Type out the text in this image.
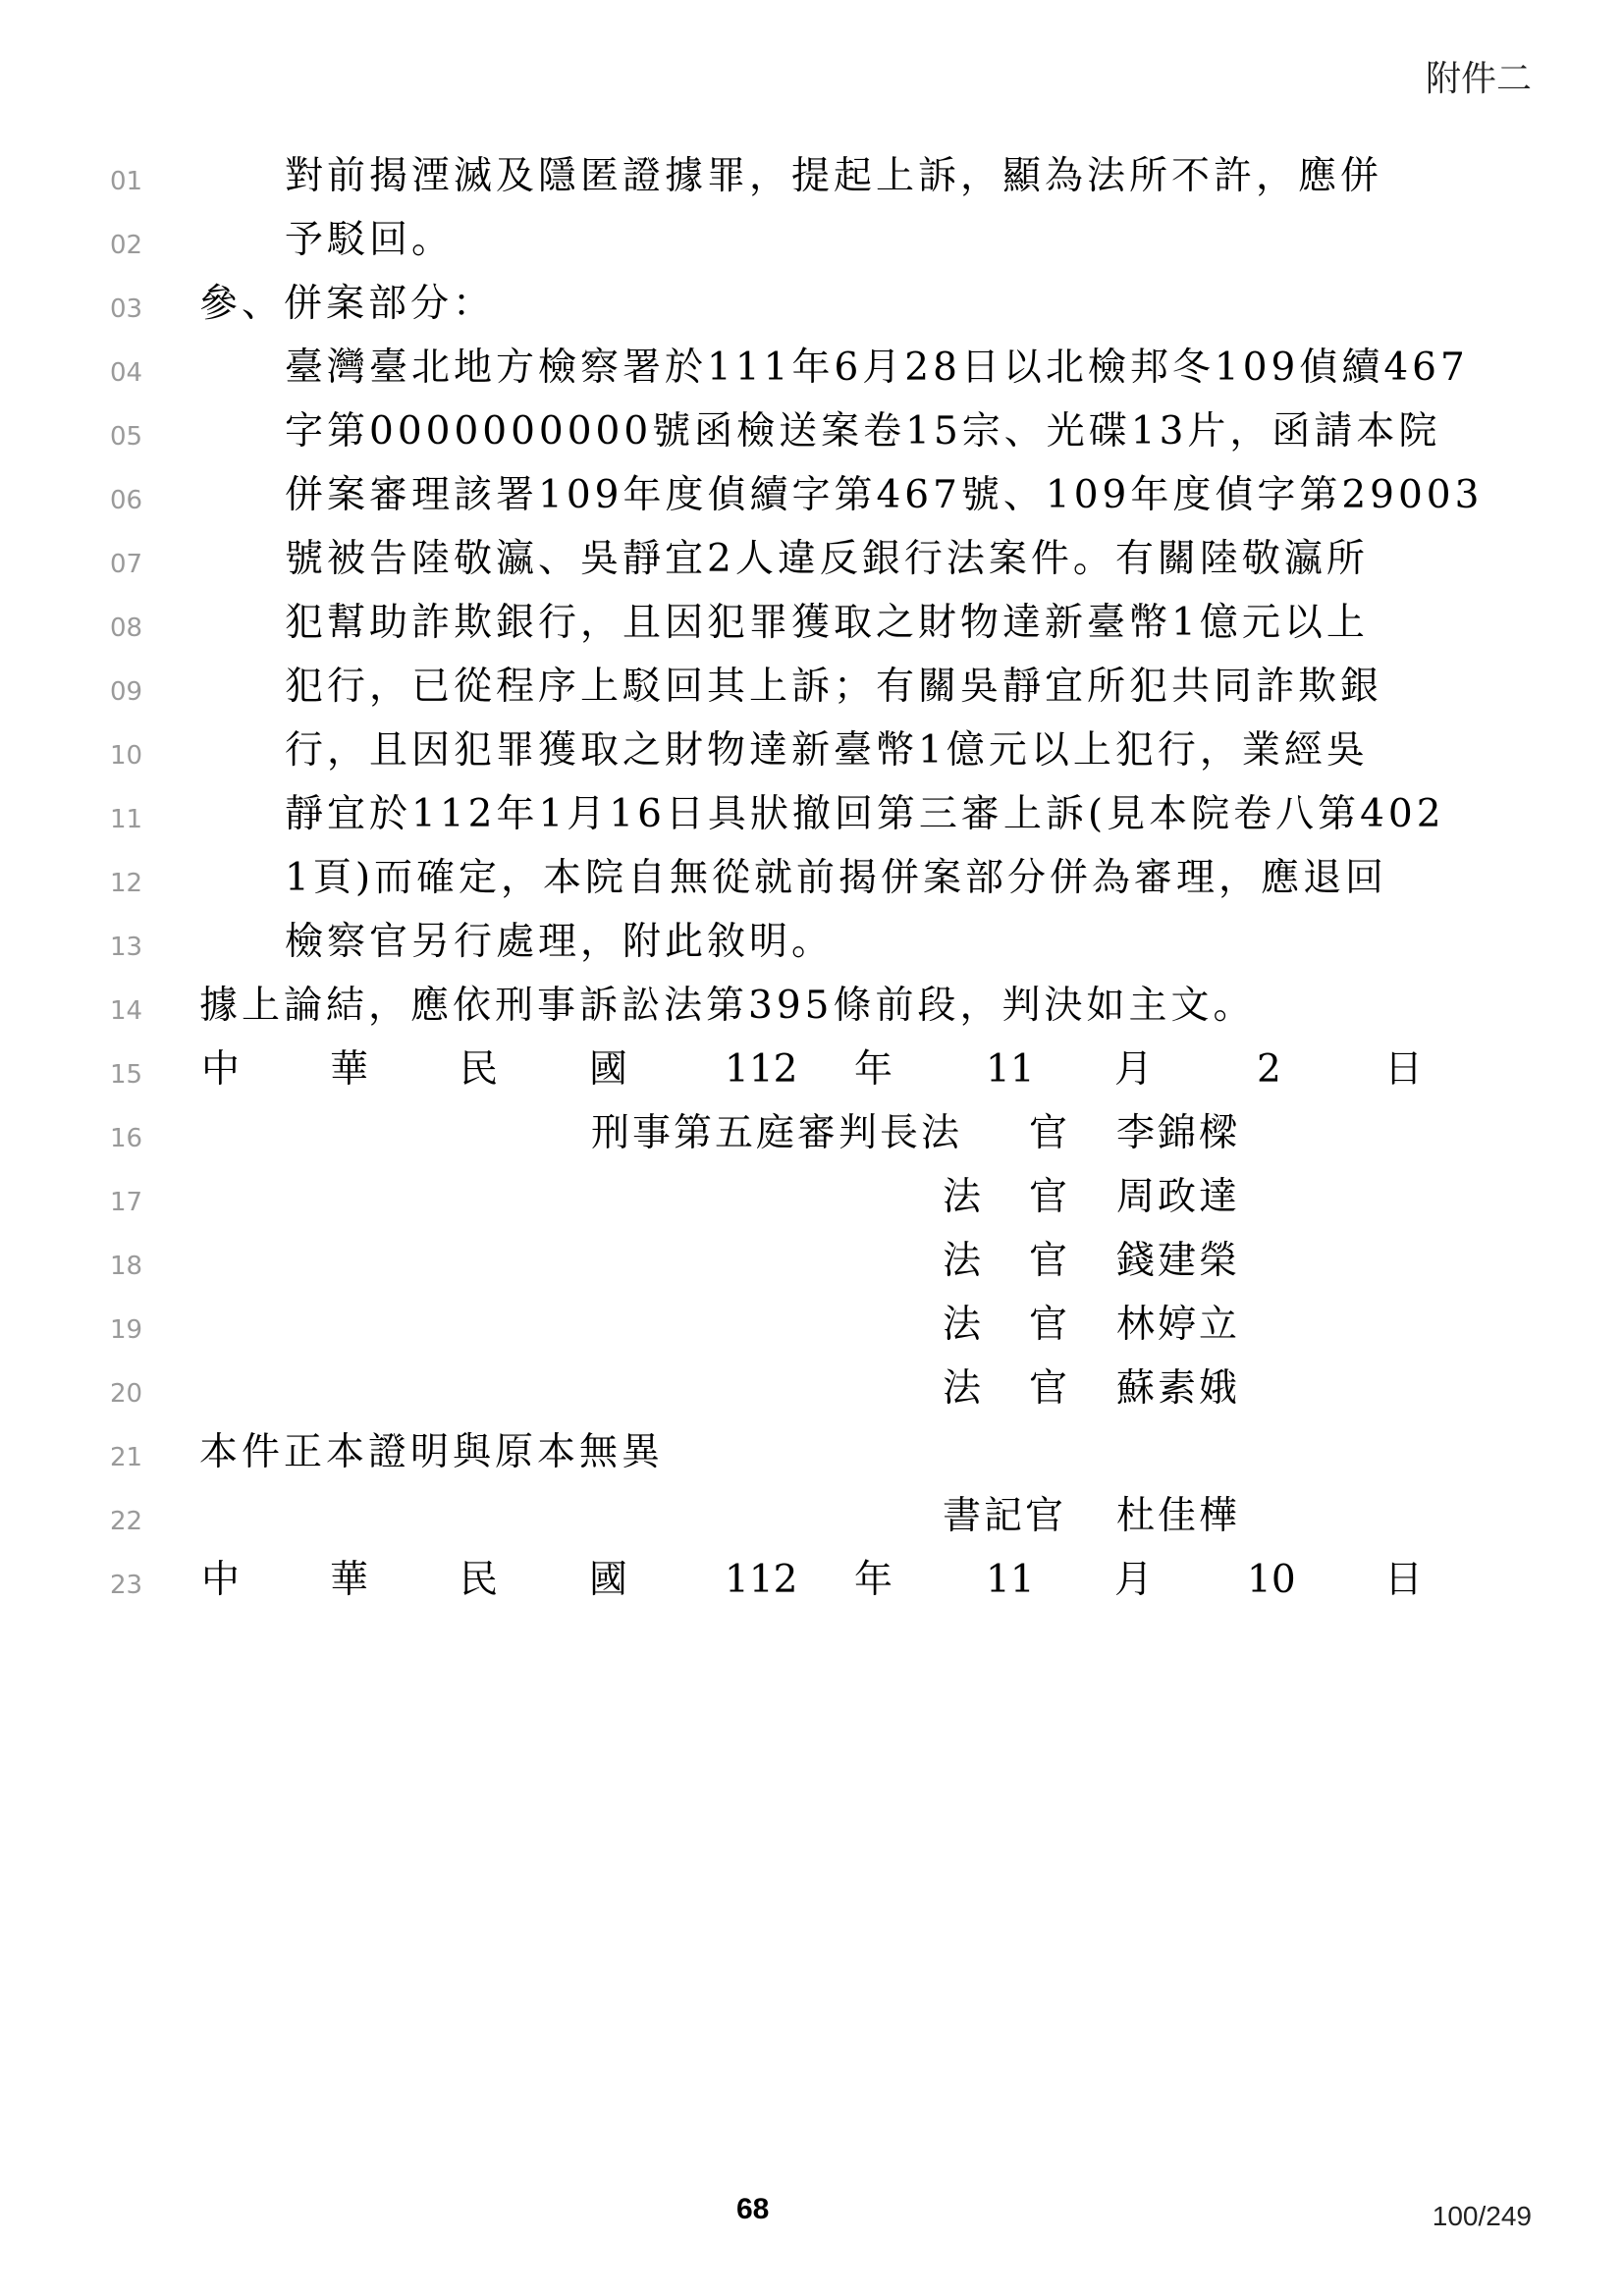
附件二
01	對前揭湮滅及隱匿證據罪，提起上訴，顯為法所不許，應併
02	予駁回。
03 參、併案部分：
04	臺灣臺北地方檢察署於111年6月28日以北檢邦冬109偵續467
05	字第0000000000號函檢送案卷15宗、光碟13片，函請本院
06	併案審理該署109年度偵續字第467號、109年度偵字第29003
07	號被告陸敬瀛、吳靜宜2人違反銀行法案件。有關陸敬瀛所
08	犯幫助詐欺銀行，且因犯罪獲取之財物達新臺幣1億元以上
09	犯行，已從程序上駁回其上訴；有關吳靜宜所犯共同詐欺銀
10	行，且因犯罪獲取之財物達新臺幣1億元以上犯行，業經吳
11	靜宜於112年1月16日具狀撤回第三審上訴(見本院卷八第402
12	1頁)而確定，本院自無從就前揭併案部分併為審理，應退回
13	檢察官另行處理，附此敘明。
14 據上論結，應依刑事訴訟法第395條前段，判決如主文。
15 中 華 民 國	112 年 11 月	2	日
16	刑事第五庭審判長法 官 李錦樑
17	法 官 周政達
18	法 官 錢建榮
19	法 官 林婷立
20	法 官 蘇素娥
21 本件正本證明與原本無異
22	書記官 杜佳樺
23 中 華 民 國	112 年 11 月 10 日
68	100/249
